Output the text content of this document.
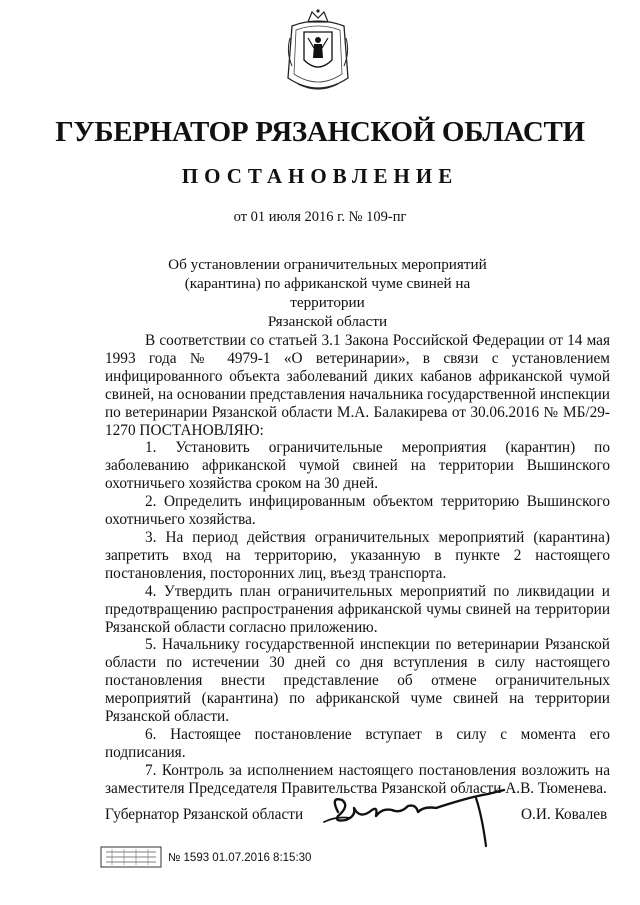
ГУБЕРНАТОР РЯЗАНСКОЙ ОБЛАСТИ
ПОСТАНОВЛЕНИЕ
от 01 июля 2016 г. № 109-пг
Об установлении ограничительных мероприятий
(карантина) по африканской чуме свиней на территории
Рязанской области

В соответствии со статьей 3.1 Закона Российской Федерации от 14 мая 1993 года № 4979-1 «О ветеринарии», в связи с установлением инфицированного объекта заболеваний диких кабанов африканской чумой свиней, на основании представления начальника государственной инспекции по ветеринарии Рязанской области М.А. Балакирева от 30.06.2016 № МБ/29-1270 ПОСТАНОВЛЯЮ:

1. Установить ограничительные мероприятия (карантин) по заболеванию африканской чумой свиней на территории Вышинского охотничьего хозяйства сроком на 30 дней.

2. Определить инфицированным объектом территорию Вышинского охотничьего хозяйства.

3. На период действия ограничительных мероприятий (карантина) запретить вход на территорию, указанную в пункте 2 настоящего постановления, посторонних лиц, въезд транспорта.

4. Утвердить план ограничительных мероприятий по ликвидации и предотвращению распространения африканской чумы свиней на территории Рязанской области согласно приложению.

5. Начальнику государственной инспекции по ветеринарии Рязанской области по истечении 30 дней со дня вступления в силу настоящего постановления внести представление об отмене ограничительных мероприятий (карантина) по африканской чуме свиней на территории Рязанской области.

6. Настоящее постановление вступает в силу с момента его подписания.

7. Контроль за исполнением настоящего постановления возложить на заместителя Председателя Правительства Рязанской области А.В. Тюменева.

Губернатор Рязанской области	О.И. Ковалев
№ 1593 01.07.2016 8:15:30
